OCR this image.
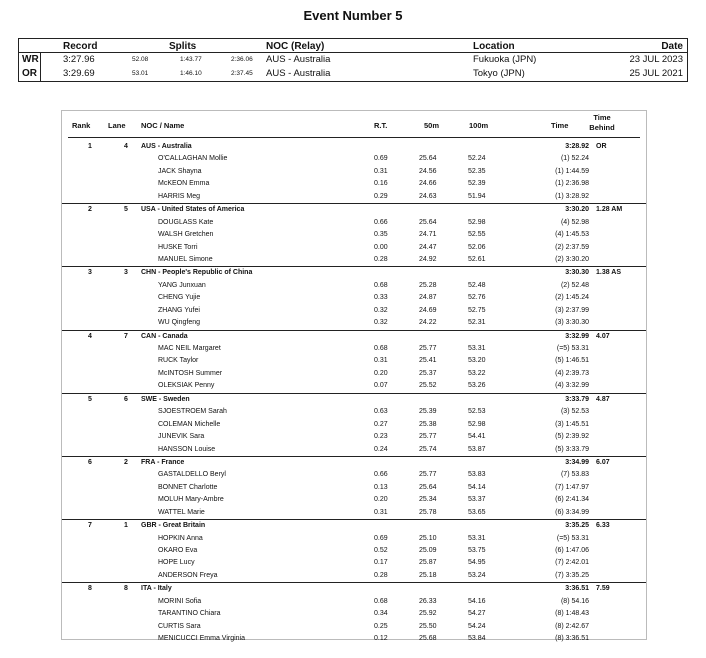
Event Number 5
Record	Splits	NOC (Relay)	Location	Date
WR	3:27.96	52.08	1:43.77	2:36.06 AUS - Australia	Fukuoka (JPN)	23 JUL 2023
OR	3:29.69	53.01	1:46.10	2:37.45 AUS - Australia	Tokyo (JPN)	25 JUL 2021
Rank Lane NOC / Name	R.T.	50m	100m	Time
Time Behind
1	4 AUS - Australia	3:28.92 OR
O'CALLAGHAN Mollie	0.69	25.64	52.24	(1) 52.24
JACK Shayna	0.31	24.56	52.35	(1) 1:44.59
McKEON Emma	0.16	24.66	52.39	(1) 2:36.98
HARRIS Meg	0.29	24.63	51.94	(1) 3:28.92
2	5 USA - United States of America	3:30.20 1.28 AM
DOUGLASS Kate	0.66	25.64	52.98	(4) 52.98
WALSH Gretchen	0.35	24.71	52.55	(4) 1:45.53
HUSKE Torri	0.00	24.47	52.06	(2) 2:37.59
MANUEL Simone	0.28	24.92	52.61	(2) 3:30.20
3	3 CHN - People's Republic of China	3:30.30 1.38 AS
YANG Junxuan	0.68	25.28	52.48	(2) 52.48
CHENG Yujie	0.33	24.87	52.76	(2) 1:45.24
ZHANG Yufei	0.32	24.69	52.75	(3) 2:37.99
WU Qingfeng	0.32	24.22	52.31	(3) 3:30.30
4	7 CAN - Canada	3:32.99 4.07
MAC NEIL Margaret	0.68	25.77	53.31	(=5) 53.31
RUCK Taylor	0.31	25.41	53.20	(5) 1:46.51
McINTOSH Summer	0.20	25.37	53.22	(4) 2:39.73
OLEKSIAK Penny	0.07	25.52	53.26	(4) 3:32.99
5	6 SWE - Sweden	3:33.79 4.87
SJOESTROEM Sarah	0.63	25.39	52.53	(3) 52.53
COLEMAN Michelle	0.27	25.38	52.98	(3) 1:45.51
JUNEVIK Sara	0.23	25.77	54.41	(5) 2:39.92
HANSSON Louise	0.24	25.74	53.87	(5) 3:33.79
6	2 FRA - France	3:34.99 6.07
GASTALDELLO Beryl	0.66	25.77	53.83	(7) 53.83
BONNET Charlotte	0.13	25.64	54.14	(7) 1:47.97
MOLUH Mary-Ambre	0.20	25.34	53.37	(6) 2:41.34
WATTEL Marie	0.31	25.78	53.65	(6) 3:34.99
7	1 GBR - Great Britain	3:35.25 6.33
HOPKIN Anna	0.69	25.10	53.31	(=5) 53.31
OKARO Eva	0.52	25.09	53.75	(6) 1:47.06
HOPE Lucy	0.17	25.87	54.95	(7) 2:42.01
ANDERSON Freya	0.28	25.18	53.24	(7) 3:35.25
8	8 ITA - Italy	3:36.51 7.59
MORINI Sofia	0.68	26.33	54.16	(8) 54.16
TARANTINO Chiara	0.34	25.92	54.27	(8) 1:48.43
CURTIS Sara	0.25	25.50	54.24	(8) 2:42.67
MENICUCCI Emma Virginia	0.12	25.68	53.84	(8) 3:36.51
